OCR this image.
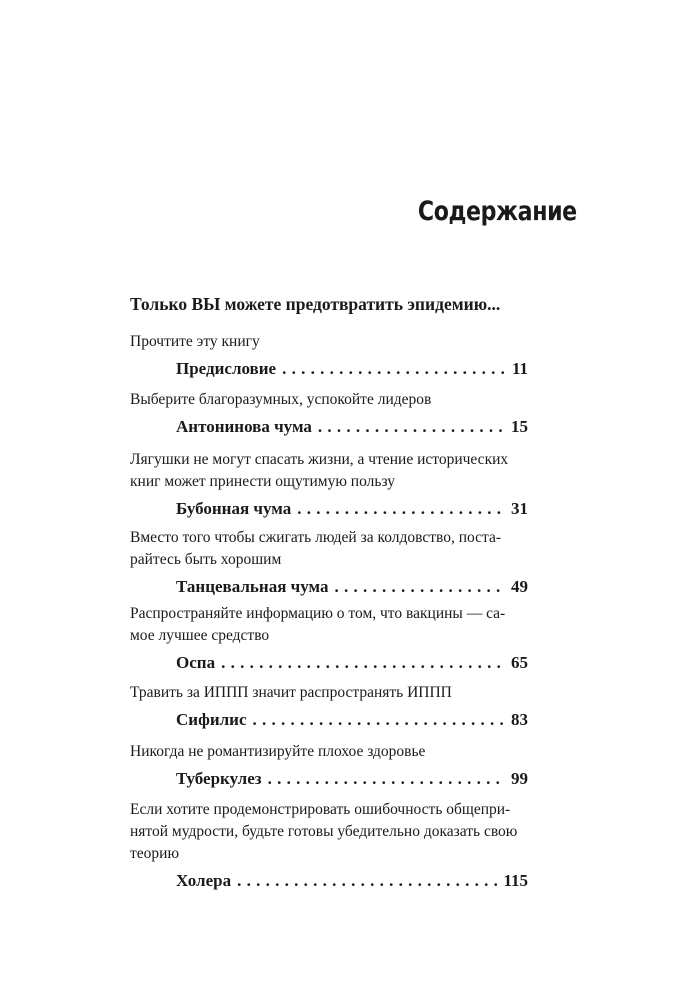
Содержание
Только ВЫ можете предотвратить эпидемию...
Прочтите эту книгу
Предисловие . . .	11
Выберите благоразумных, успокойте лидеров
Антонинова чума . . .	15
Лягушки не могут спасать жизни, а чтение исторических
книг может принести ощутимую пользу
Бубонная чума . . .	31
Вместо того чтобы сжигать людей за колдовство, поста-
райтесь быть хорошим
Танцевальная чума . . .	49
Распространяйте информацию о том, что вакцины — са-
мое лучшее средство
Оспа . . .	65
Травить за ИППП значит распространять ИППП
Сифилис . . .	83
Никогда не романтизируйте плохое здоровье
Туберкулез . . .	99
Если хотите продемонстрировать ошибочность общепри-
нятой мудрости, будьте готовы убедительно доказать свою
теорию
Холера . . .	115
